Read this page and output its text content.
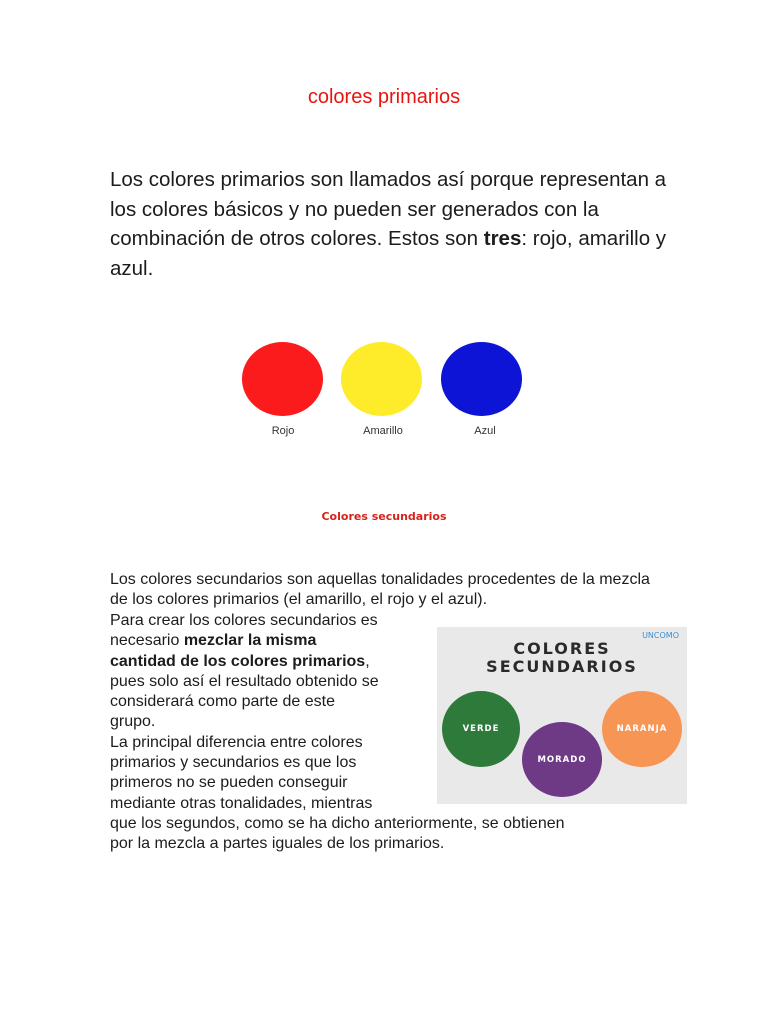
colores primarios
Los colores primarios son llamados así porque representan a los colores básicos y no pueden ser generados con la combinación de otros colores. Estos son tres: rojo, amarillo y azul.
Rojo	Amarillo	Azul
Colores secundarios
Los colores secundarios son aquellas tonalidades procedentes de la mezcla de los colores primarios (el amarillo, el rojo y el azul).
Para crear los colores secundarios es
necesario mezclar la misma
cantidad de los colores primarios,
pues solo así el resultado obtenido se
considerará como parte de este
grupo.
La principal diferencia entre colores
primarios y secundarios es que los
primeros no se pueden conseguir
mediante otras tonalidades, mientras
que los segundos, como se ha dicho anteriormente, se obtienen
por la mezcla a partes iguales de los primarios.
UNCOMO
COLORES
SECUNDARIOS
VERDE
MORADO
NARANJA
